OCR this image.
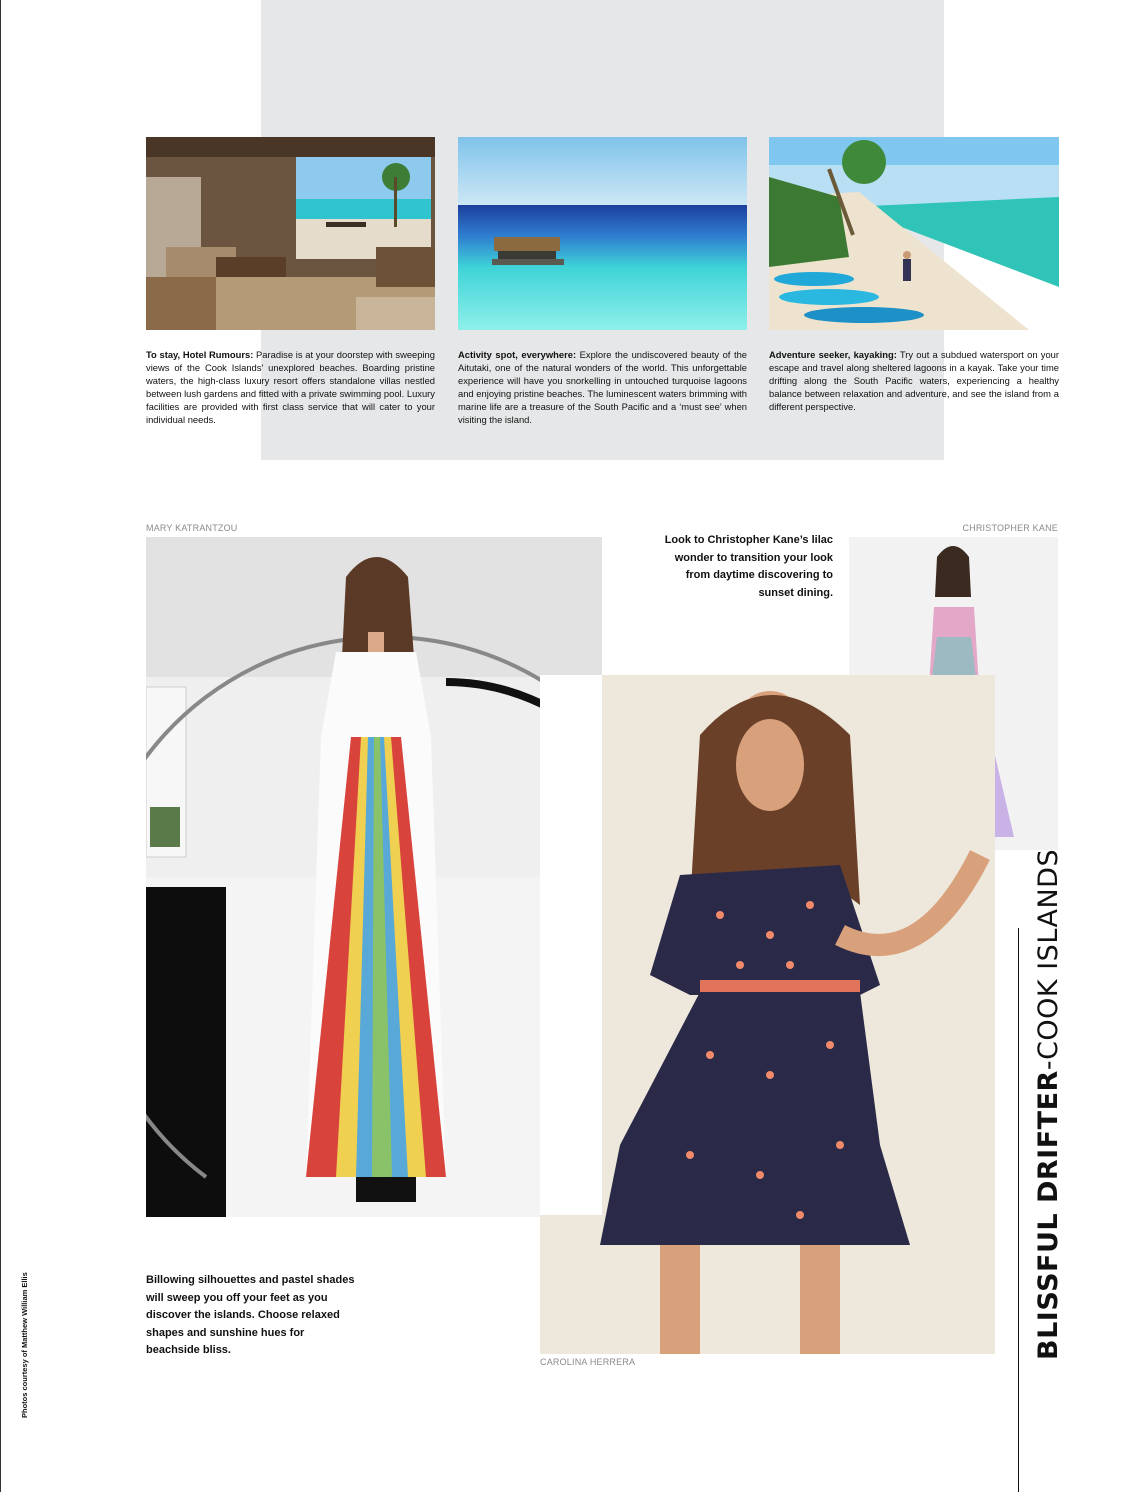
To stay, Hotel Rumours: Paradise is at your doorstep with sweeping views of the Cook Islands' unexplored beaches. Boarding pristine waters, the high-class luxury resort offers standalone villas nestled between lush gardens and fitted with a private swimming pool. Luxury facilities are provided with first class service that will cater to your individual needs.
Activity spot, everywhere: Explore the undiscovered beauty of the Aitutaki, one of the natural wonders of the world. This unforgettable experience will have you snorkelling in untouched turquoise lagoons and enjoying pristine beaches. The luminescent waters brimming with marine life are a treasure of the South Pacific and a ‘must see’ when visiting the island.
Adventure seeker, kayaking: Try out a subdued watersport on your escape and travel along sheltered lagoons in a kayak. Take your time drifting along the South Pacific waters, experiencing a healthy balance between relaxation and adventure, and see the island from a different perspective.
MARY KATRANTZOU	CHRISTOPHER KANE
Look to Christopher Kane’s lilac wonder to transition your look from daytime discovering to sunset dining.
CAROLINA HERRERA
Billowing silhouettes and pastel shades will sweep you off your feet as you discover the islands. Choose relaxed shapes and sunshine hues for beachside bliss.	BLISSFUL DRIFTER-COOK ISLANDS
Photos courtesy of Matthew William Ellis
